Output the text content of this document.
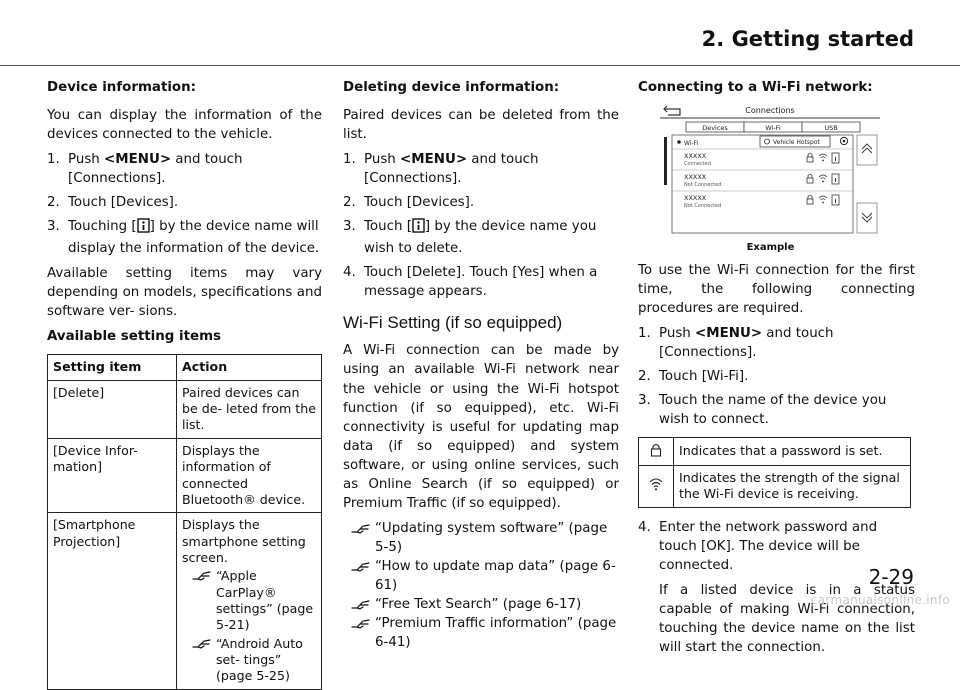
2. Getting started
Device information:

You can display the information of the devices connected to the vehicle.

1. Push <MENU> and touch [Connections].
2. Touch [Devices].
3. Touching [ ] by the device name will display the information of the device.

Available setting items may vary depending on models, specifications and software ver- sions.

Available setting items
Setting item	Action
[Delete]	Paired devices can be de- leted from the list.
[Device Infor- mation]	Displays the information of connected Bluetooth® device.
[Smartphone Projection]	Displays the smartphone setting screen.
“Apple CarPlay® settings” (page 5-21)
“Android Auto set- tings” (page 5-25)
Deleting device information:

Paired devices can be deleted from the list.

1. Push <MENU> and touch [Connections].
2. Touch [Devices].
3. Touch [ ] by the device name you wish to delete.
4. Touch [Delete]. Touch [Yes] when a message appears.
Wi-Fi Setting (if so equipped)

A Wi-Fi connection can be made by using an available Wi-Fi network near the vehicle or using the Wi-Fi hotspot function (if so equipped), etc. Wi-Fi connectivity is useful for updating map data (if so equipped) and system software, or using online services, such as Online Search (if so equipped) or Premium Traffic (if so equipped).

“Updating system software” (page 5-5)
“How to update map data” (page 6-61)
“Free Text Search” (page 6-17)
“Premium Traffic information” (page 6-41)
Connecting to a Wi-Fi network:
Connections
Devices	Wi-Fi	USB
Wi-Fi	Vehicle Hotspot
XXXXX
Connected
XXXXX
Not Connected
XXXXX
Not Connected
Example

To use the Wi-Fi connection for the first time, the following connecting procedures are required.

1. Push <MENU> and touch [Connections].
2. Touch [Wi-Fi].
3. Touch the name of the device you wish to connect.
	Indicates that a password is set.
	Indicates the strength of the signal the Wi-Fi device is receiving.
4. Enter the network password and touch [OK]. The device will be connected.
If a listed device is in a status capable of making Wi-Fi connection, touching the device name on the list will start the connection.
2-29
carmanualsonline.info
